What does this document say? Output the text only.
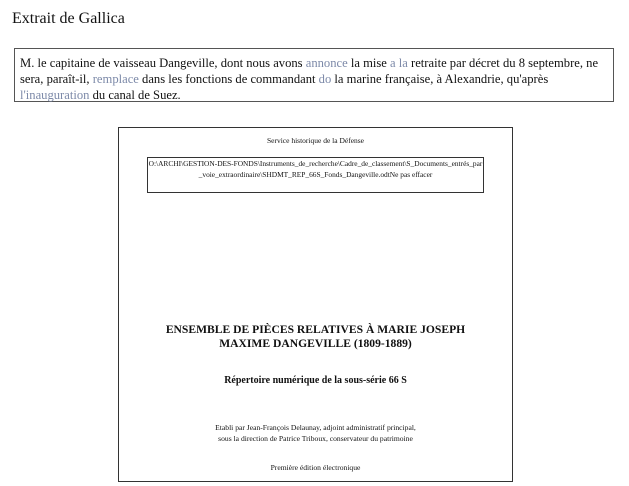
Extrait de Gallica
M. le capitaine de vaisseau Dangeville, dont nous avons annonce la mise a la retraite par décret du 8 septembre, ne sera, paraît-il, remplace dans les fonctions de commandant do la marine française, à Alexandrie, qu'après l'inauguration du canal de Suez.
Service historique de la Défense
O:\ARCHI\GESTION-DES-FONDS\Instruments_de_recherche\Cadre_de_classement\S_Documents_entrés_par_voie_extraordinaire\SHDMT_REP_66S_Fonds_Dangeville.odtNe pas effacer
ENSEMBLE DE PIÈCES RELATIVES À MARIE JOSEPH
MAXIME DANGEVILLE (1809-1889)
Répertoire numérique de la sous-série 66 S
Etabli par Jean-François Delaunay, adjoint administratif principal,
sous la direction de Patrice Triboux, conservateur du patrimoine
Première édition électronique
